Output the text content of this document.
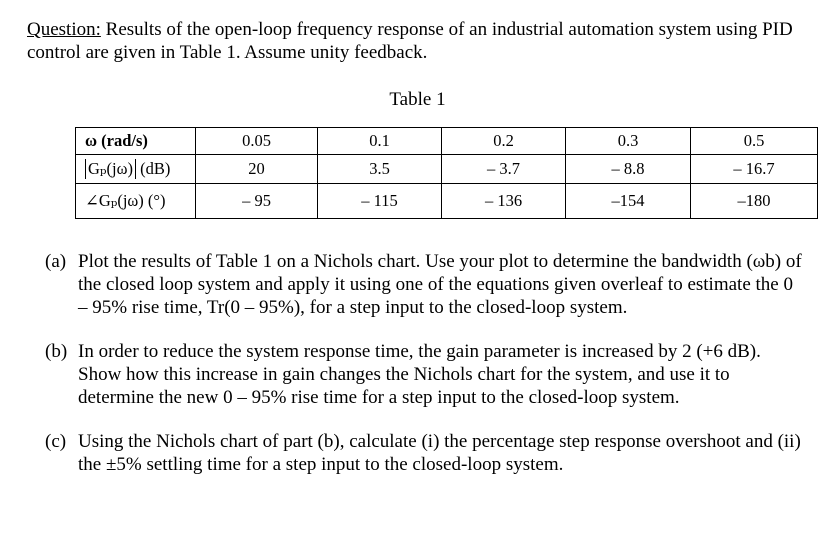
Question: Results of the open-loop frequency response of an industrial automation system using PID control are given in Table 1. Assume unity feedback.
Table 1
ω (rad/s)	0.05	0.1	0.2	0.3	0.5
Gₚ(jω) (dB)	20	3.5	– 3.7	– 8.8	– 16.7
∠Gₚ(jω) (°)	– 95	– 115	– 136	–154	–180
(a) Plot the results of Table 1 on a Nichols chart. Use your plot to determine the bandwidth (ωb) of the closed loop system and apply it using one of the equations given overleaf to estimate the 0 – 95% rise time, Tr(0 – 95%), for a step input to the closed-loop system.
(b) In order to reduce the system response time, the gain parameter is increased by 2 (+6 dB). Show how this increase in gain changes the Nichols chart for the system, and use it to determine the new 0 – 95% rise time for a step input to the closed-loop system.
(c) Using the Nichols chart of part (b), calculate (i) the percentage step response overshoot and (ii) the ±5% settling time for a step input to the closed-loop system.
